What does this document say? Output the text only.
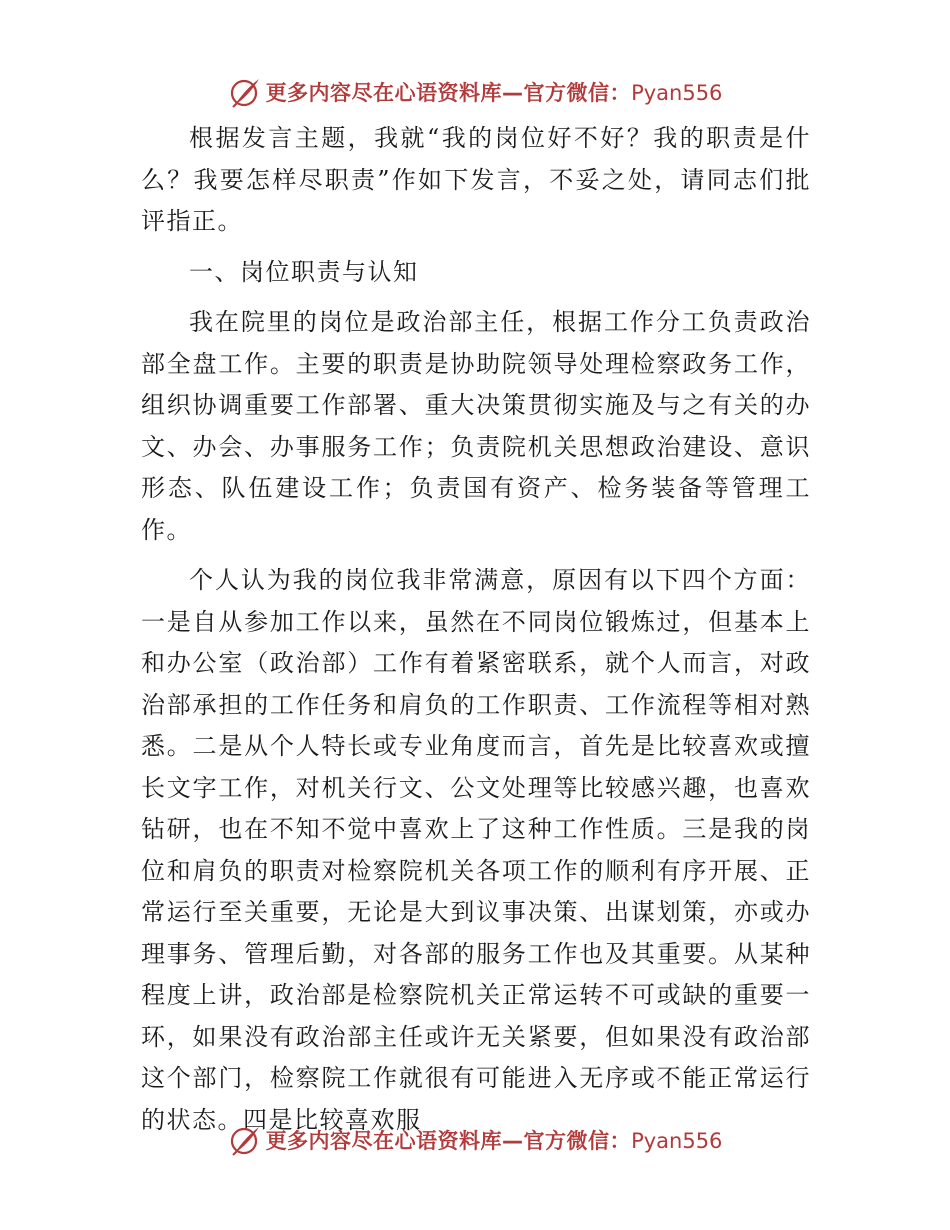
更多内容尽在心语资料库—官方微信：Pyan556

根据发言主题，我就“我的岗位好不好？我的职责是什么？我要怎样尽职责”作如下发言，不妥之处，请同志们批评指正。

一、岗位职责与认知

我在院里的岗位是政治部主任，根据工作分工负责政治部全盘工作。主要的职责是协助院领导处理检察政务工作，组织协调重要工作部署、重大决策贯彻实施及与之有关的办文、办会、办事服务工作；负责院机关思想政治建设、意识形态、队伍建设工作；负责国有资产、检务装备等管理工作。

个人认为我的岗位我非常满意，原因有以下四个方面：一是自从参加工作以来，虽然在不同岗位锻炼过，但基本上和办公室（政治部）工作有着紧密联系，就个人而言，对政治部承担的工作任务和肩负的工作职责、工作流程等相对熟悉。二是从个人特长或专业角度而言，首先是比较喜欢或擅长文字工作，对机关行文、公文处理等比较感兴趣，也喜欢钻研，也在不知不觉中喜欢上了这种工作性质。三是我的岗位和肩负的职责对检察院机关各项工作的顺利有序开展、正常运行至关重要，无论是大到议事决策、出谋划策，亦或办理事务、管理后勤，对各部的服务工作也及其重要。从某种程度上讲，政治部是检察院机关正常运转不可或缺的重要一环，如果没有政治部主任或许无关紧要，但如果没有政治部这个部门，检察院工作就很有可能进入无序或不能正常运行的状态。四是比较喜欢服

更多内容尽在心语资料库—官方微信：Pyan556
